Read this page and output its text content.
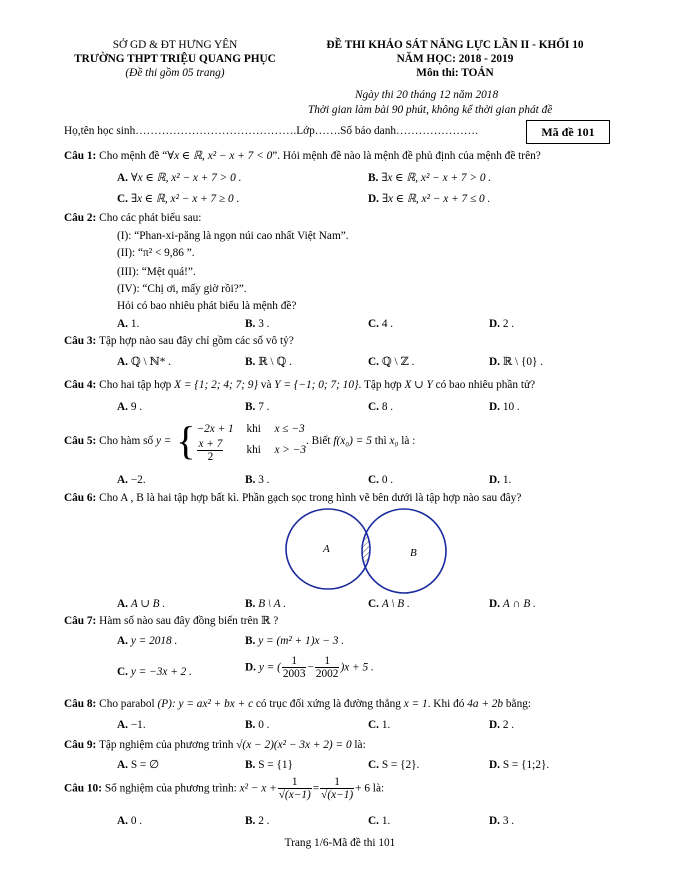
SỞ GD & ĐT HƯNG YÊN
TRƯỜNG THPT TRIỆU QUANG PHỤC
(Đề thi gồm 05 trang)
ĐỀ THI KHẢO SÁT NĂNG LỰC LẦN II - KHỐI 10
NĂM HỌC: 2018 - 2019
Môn thi: TOÁN
Ngày thi 20 tháng 12 năm 2018
Thời gian làm bài 90 phút, không kể thời gian phát đề
Họ,tên học sinh…………………………………….Lớp…….Số báo danh………………….	Mã đề 101
Câu 1: Cho mệnh đề “∀x ∈ ℝ, x² − x + 7 < 0”. Hỏi mệnh đề nào là mệnh đề phủ định của mệnh đề trên?
A. ∀x ∈ ℝ, x² − x + 7 > 0 .	B. ∃x ∈ ℝ, x² − x + 7 > 0 .
C. ∃x ∈ ℝ, x² − x + 7 ≥ 0 .	D. ∃x ∈ ℝ, x² − x + 7 ≤ 0 .
Câu 2: Cho các phát biểu sau:
(I): “Phan-xi-păng là ngọn núi cao nhất Việt Nam”.
(II): “π² < 9,86 ”.
(III): “Mệt quá!”.
(IV): “Chị ơi, mấy giờ rồi?”.
Hỏi có bao nhiêu phát biểu là mệnh đề?
A. 1.	B. 3 .	C. 4 .	D. 2 .
Câu 3: Tập hợp nào sau đây chỉ gồm các số vô tỷ?
A. ℚ \ ℕ* .	B. ℝ \ ℚ .	C. ℚ \ ℤ .	D. ℝ \ {0} .
Câu 4: Cho hai tập hợp X = {1; 2; 4; 7; 9} và Y = {−1; 0; 7; 10}. Tập hợp X ∪ Y có bao nhiêu phần tử?
A. 9 .	B. 7 .	C. 8 .	D. 10 .
Câu 5: Cho hàm số y = { −2x + 1 khi x ≤ −3
$\frac{x + 7}{2}$ khi x > −3
. Biết f(x₀) = 5 thì x₀ là :
A. −2.	B. 3 .	C. 0 .	D. 1.
Câu 6: Cho A , B là hai tập hợp bất kì. Phần gạch sọc trong hình vẽ bên dưới là tập hợp nào sau đây?
A	B
A. A ∪ B .	B. B \ A .	C. A \ B .	D. A ∩ B .
Câu 7: Hàm số nào sau đây đồng biến trên ℝ ?
A. y = 2018 .	B. y = (m² + 1)x − 3 .
C. y = −3x + 2 .	D. y = ( $\frac{1}{2003} - \frac{1}{2002} )x + 5$ .
Câu 8: Cho parabol (P): y = ax² + bx + c có trục đối xứng là đường thẳng x = 1. Khi đó 4a + 2b bằng:
A. −1.	B. 0 .	C. 1.	D. 2 .
Câu 9: Tập nghiệm của phương trình √(x − 2)(x² − 3x + 2) = 0 là:
A. S = ∅	B. S = {1}	C. S = {2}.	D. S = {1;2}.
Câu 10: Số nghiệm của phương trình: $x^2 - x + \frac{1}{√(x-1)} = \frac{1}{√(x-1)} + 6$ là:
A. 0 .	B. 2 .	C. 1.	D. 3 .
Trang 1/6-Mã đề thi 101
